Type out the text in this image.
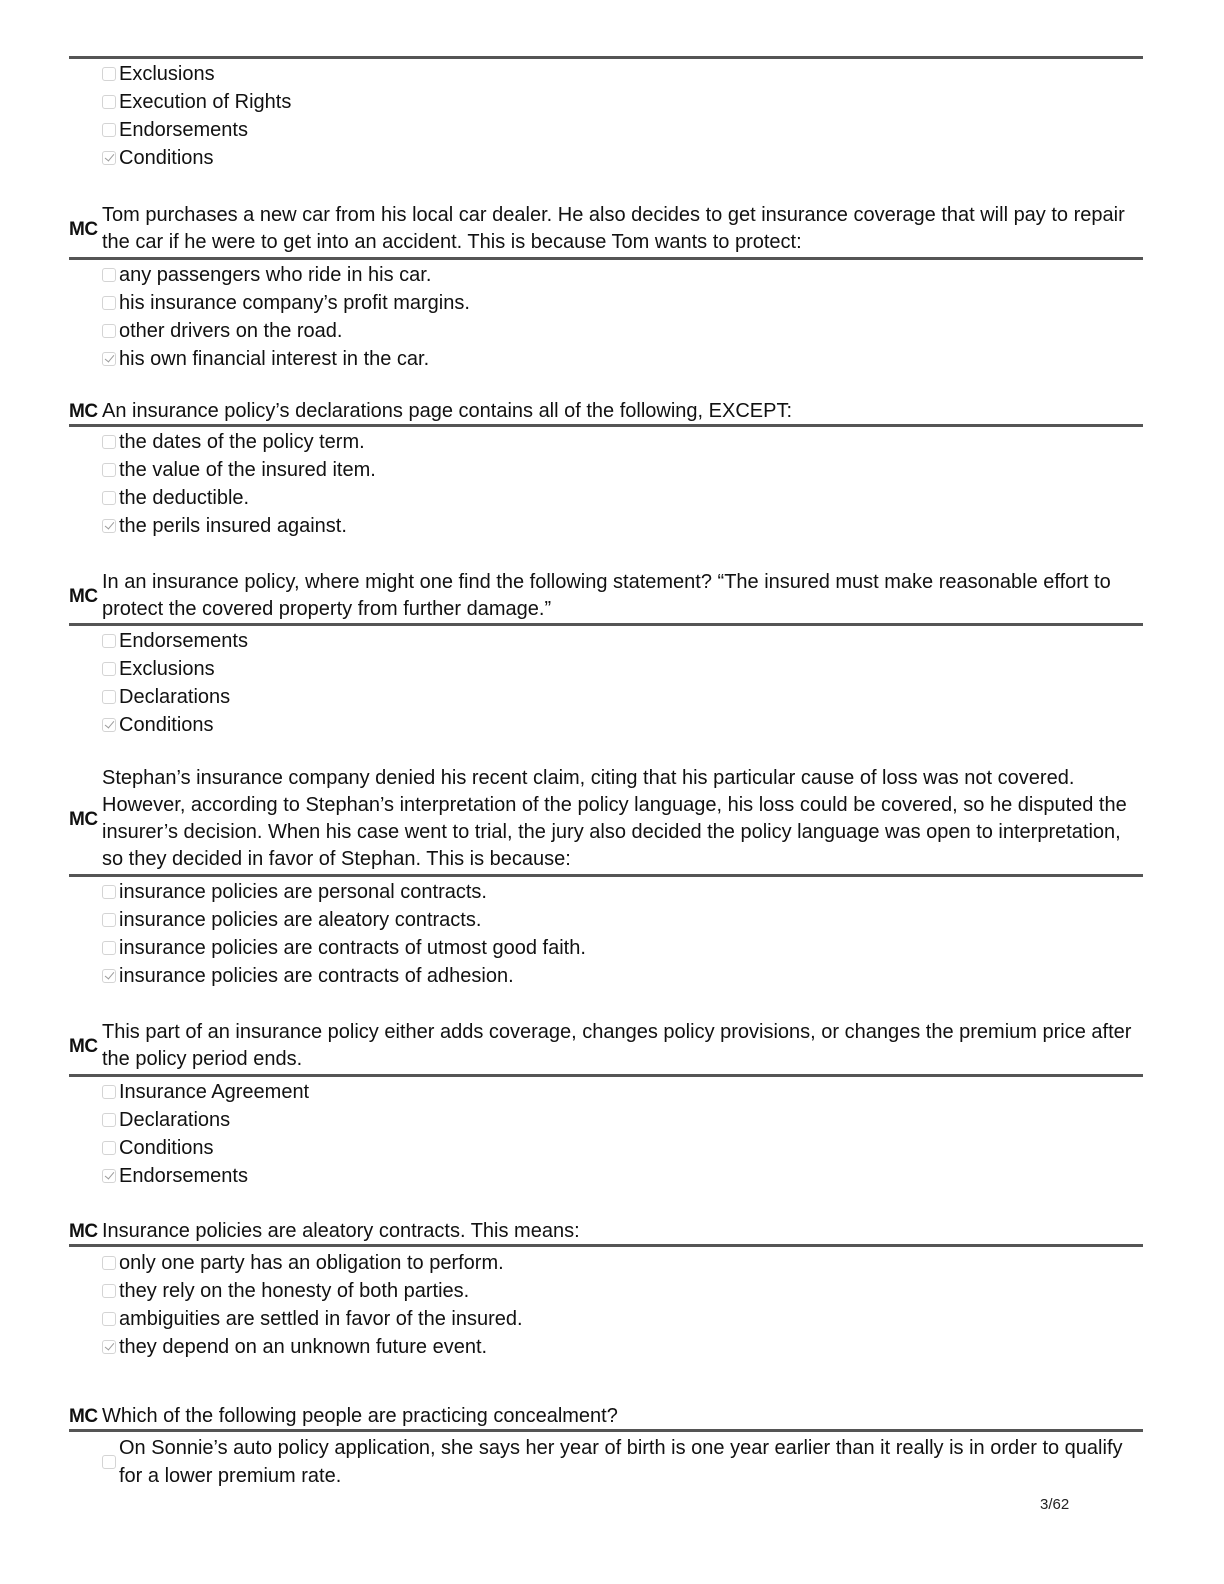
Exclusions
Execution of Rights
Endorsements
Conditions
MC
Tom purchases a new car from his local car dealer. He also decides to get insurance coverage that will pay to repair the car if he were to get into an accident. This is because Tom wants to protect:
any passengers who ride in his car.
his insurance company’s profit margins.
other drivers on the road.
his own financial interest in the car.
MC An insurance policy’s declarations page contains all of the following, EXCEPT:
the dates of the policy term.
the value of the insured item.
the deductible.
the perils insured against.
MC
In an insurance policy, where might one find the following statement? “The insured must make reasonable effort to protect the covered property from further damage.”
Endorsements
Exclusions
Declarations
Conditions
MC
Stephan’s insurance company denied his recent claim, citing that his particular cause of loss was not covered. However, according to Stephan’s interpretation of the policy language, his loss could be covered, so he disputed the insurer’s decision. When his case went to trial, the jury also decided the policy language was open to interpretation, so they decided in favor of Stephan. This is because:
insurance policies are personal contracts.
insurance policies are aleatory contracts.
insurance policies are contracts of utmost good faith.
insurance policies are contracts of adhesion.
MC
This part of an insurance policy either adds coverage, changes policy provisions, or changes the premium price after the policy period ends.
Insurance Agreement
Declarations
Conditions
Endorsements
MC Insurance policies are aleatory contracts. This means:
only one party has an obligation to perform.
they rely on the honesty of both parties.
ambiguities are settled in favor of the insured.
they depend on an unknown future event.
MC Which of the following people are practicing concealment?
On Sonnie’s auto policy application, she says her year of birth is one year earlier than it really is in order to qualify for a lower premium rate.
3/62
